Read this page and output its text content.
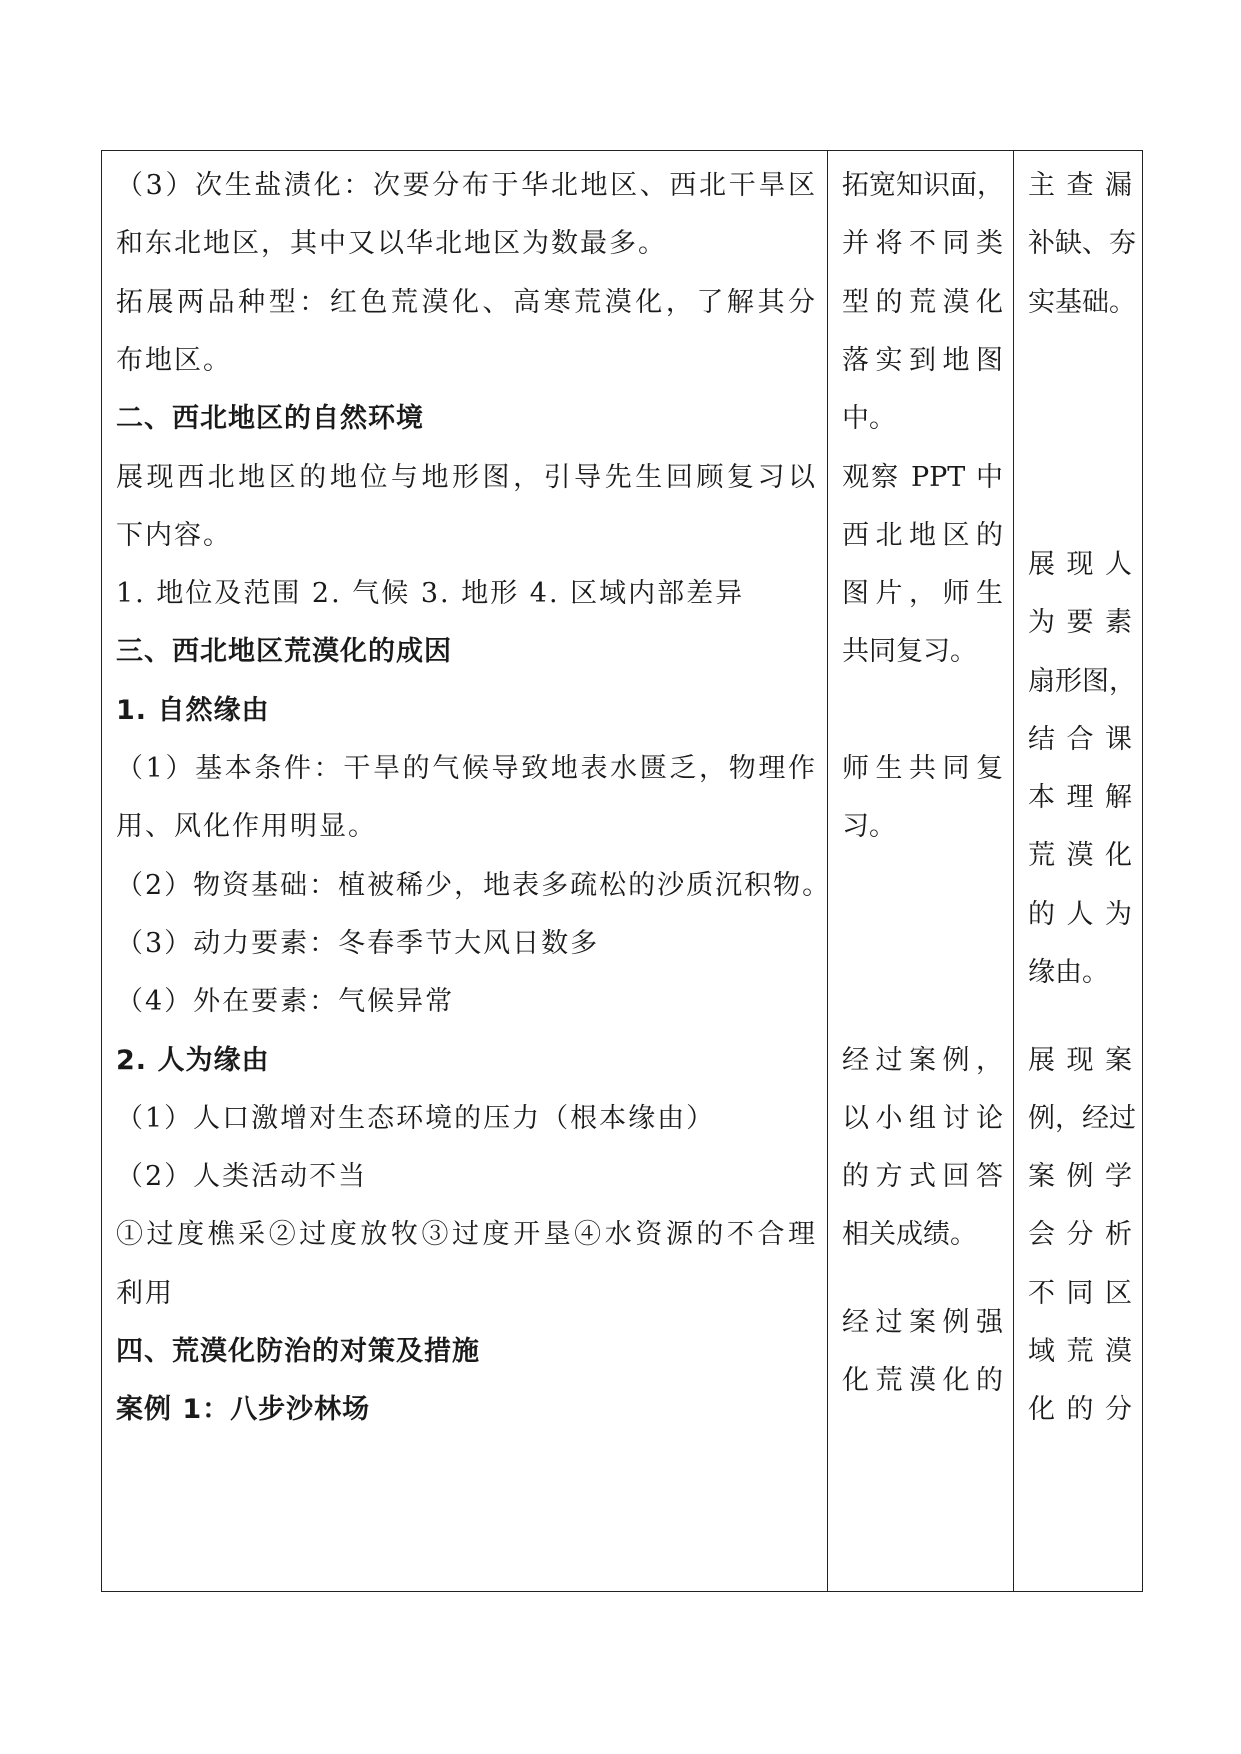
（3）次生盐渍化：次要分布于华北地区、西北干旱区
和东北地区，其中又以华北地区为数最多。
拓展两品种型：红色荒漠化、高寒荒漠化，了解其分
布地区。
二、西北地区的自然环境
展现西北地区的地位与地形图，引导先生回顾复习以
下内容。
1. 地位及范围 2. 气候 3. 地形 4. 区域内部差异
三、西北地区荒漠化的成因
1. 自然缘由
（1）基本条件：干旱的气候导致地表水匮乏，物理作
用、风化作用明显。
（2）物资基础：植被稀少，地表多疏松的沙质沉积物。
（3）动力要素：冬春季节大风日数多
（4）外在要素：气候异常
2. 人为缘由
（1）人口激增对生态环境的压力（根本缘由）
（2）人类活动不当
①过度樵采②过度放牧③过度开垦④水资源的不合理
利用
四、荒漠化防治的对策及措施
案例 1：八步沙林场
拓宽知识面，
并将不同类
型的荒漠化
落实到地图
中。
观察 PPT 中
西北地区的
图片，师生
共同复习。
师生共同复
习。
经过案例，
以小组讨论
的方式回答
相关成绩。
经过案例强
化荒漠化的
主 查 漏
补缺、夯
实基础。
展 现 人
为 要 素
扇形图，
结 合 课
本 理 解
荒 漠 化
的 人 为
缘由。
展 现 案
例，经过
案 例 学
会 分 析
不 同 区
域 荒 漠
化 的 分
